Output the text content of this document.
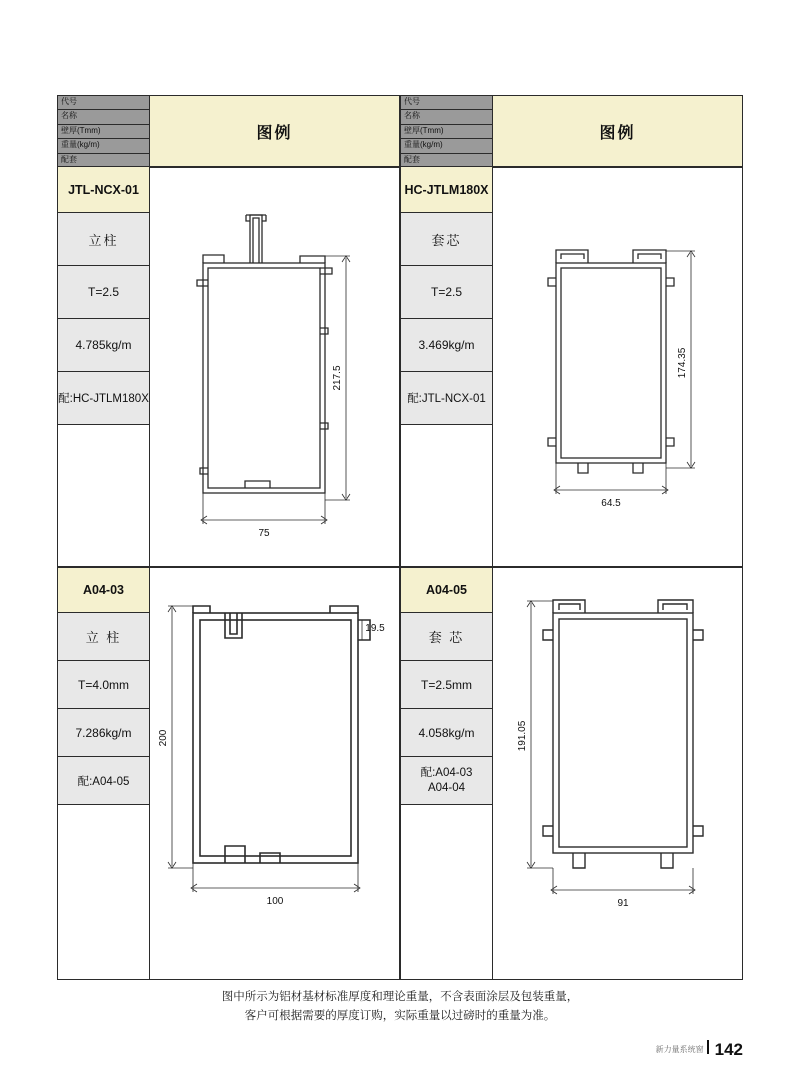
代号
名称
壁厚(Tmm)
重量(kg/m)
配套
JTL-NCX-01
立柱
T=2.5
4.785kg/m
配:HC-JTLM180X
图例
217.5
75
代号
名称
壁厚(Tmm)
重量(kg/m)
配套
HC-JTLM180X
套芯
T=2.5
3.469kg/m
配:JTL-NCX-01
图例
174.35
64.5
A04-03
立 柱
T=4.0mm
7.286kg/m
配:A04-05
19.5
200
100
A04-05
套 芯
T=2.5mm
4.058kg/m
配:A04-03
A04-04
191.05
91
图中所示为铝材基材标准厚度和理论重量，不含表面涂层及包装重量，
客户可根据需要的厚度订购，实际重量以过磅时的重量为准。
新力量系统窗 142
